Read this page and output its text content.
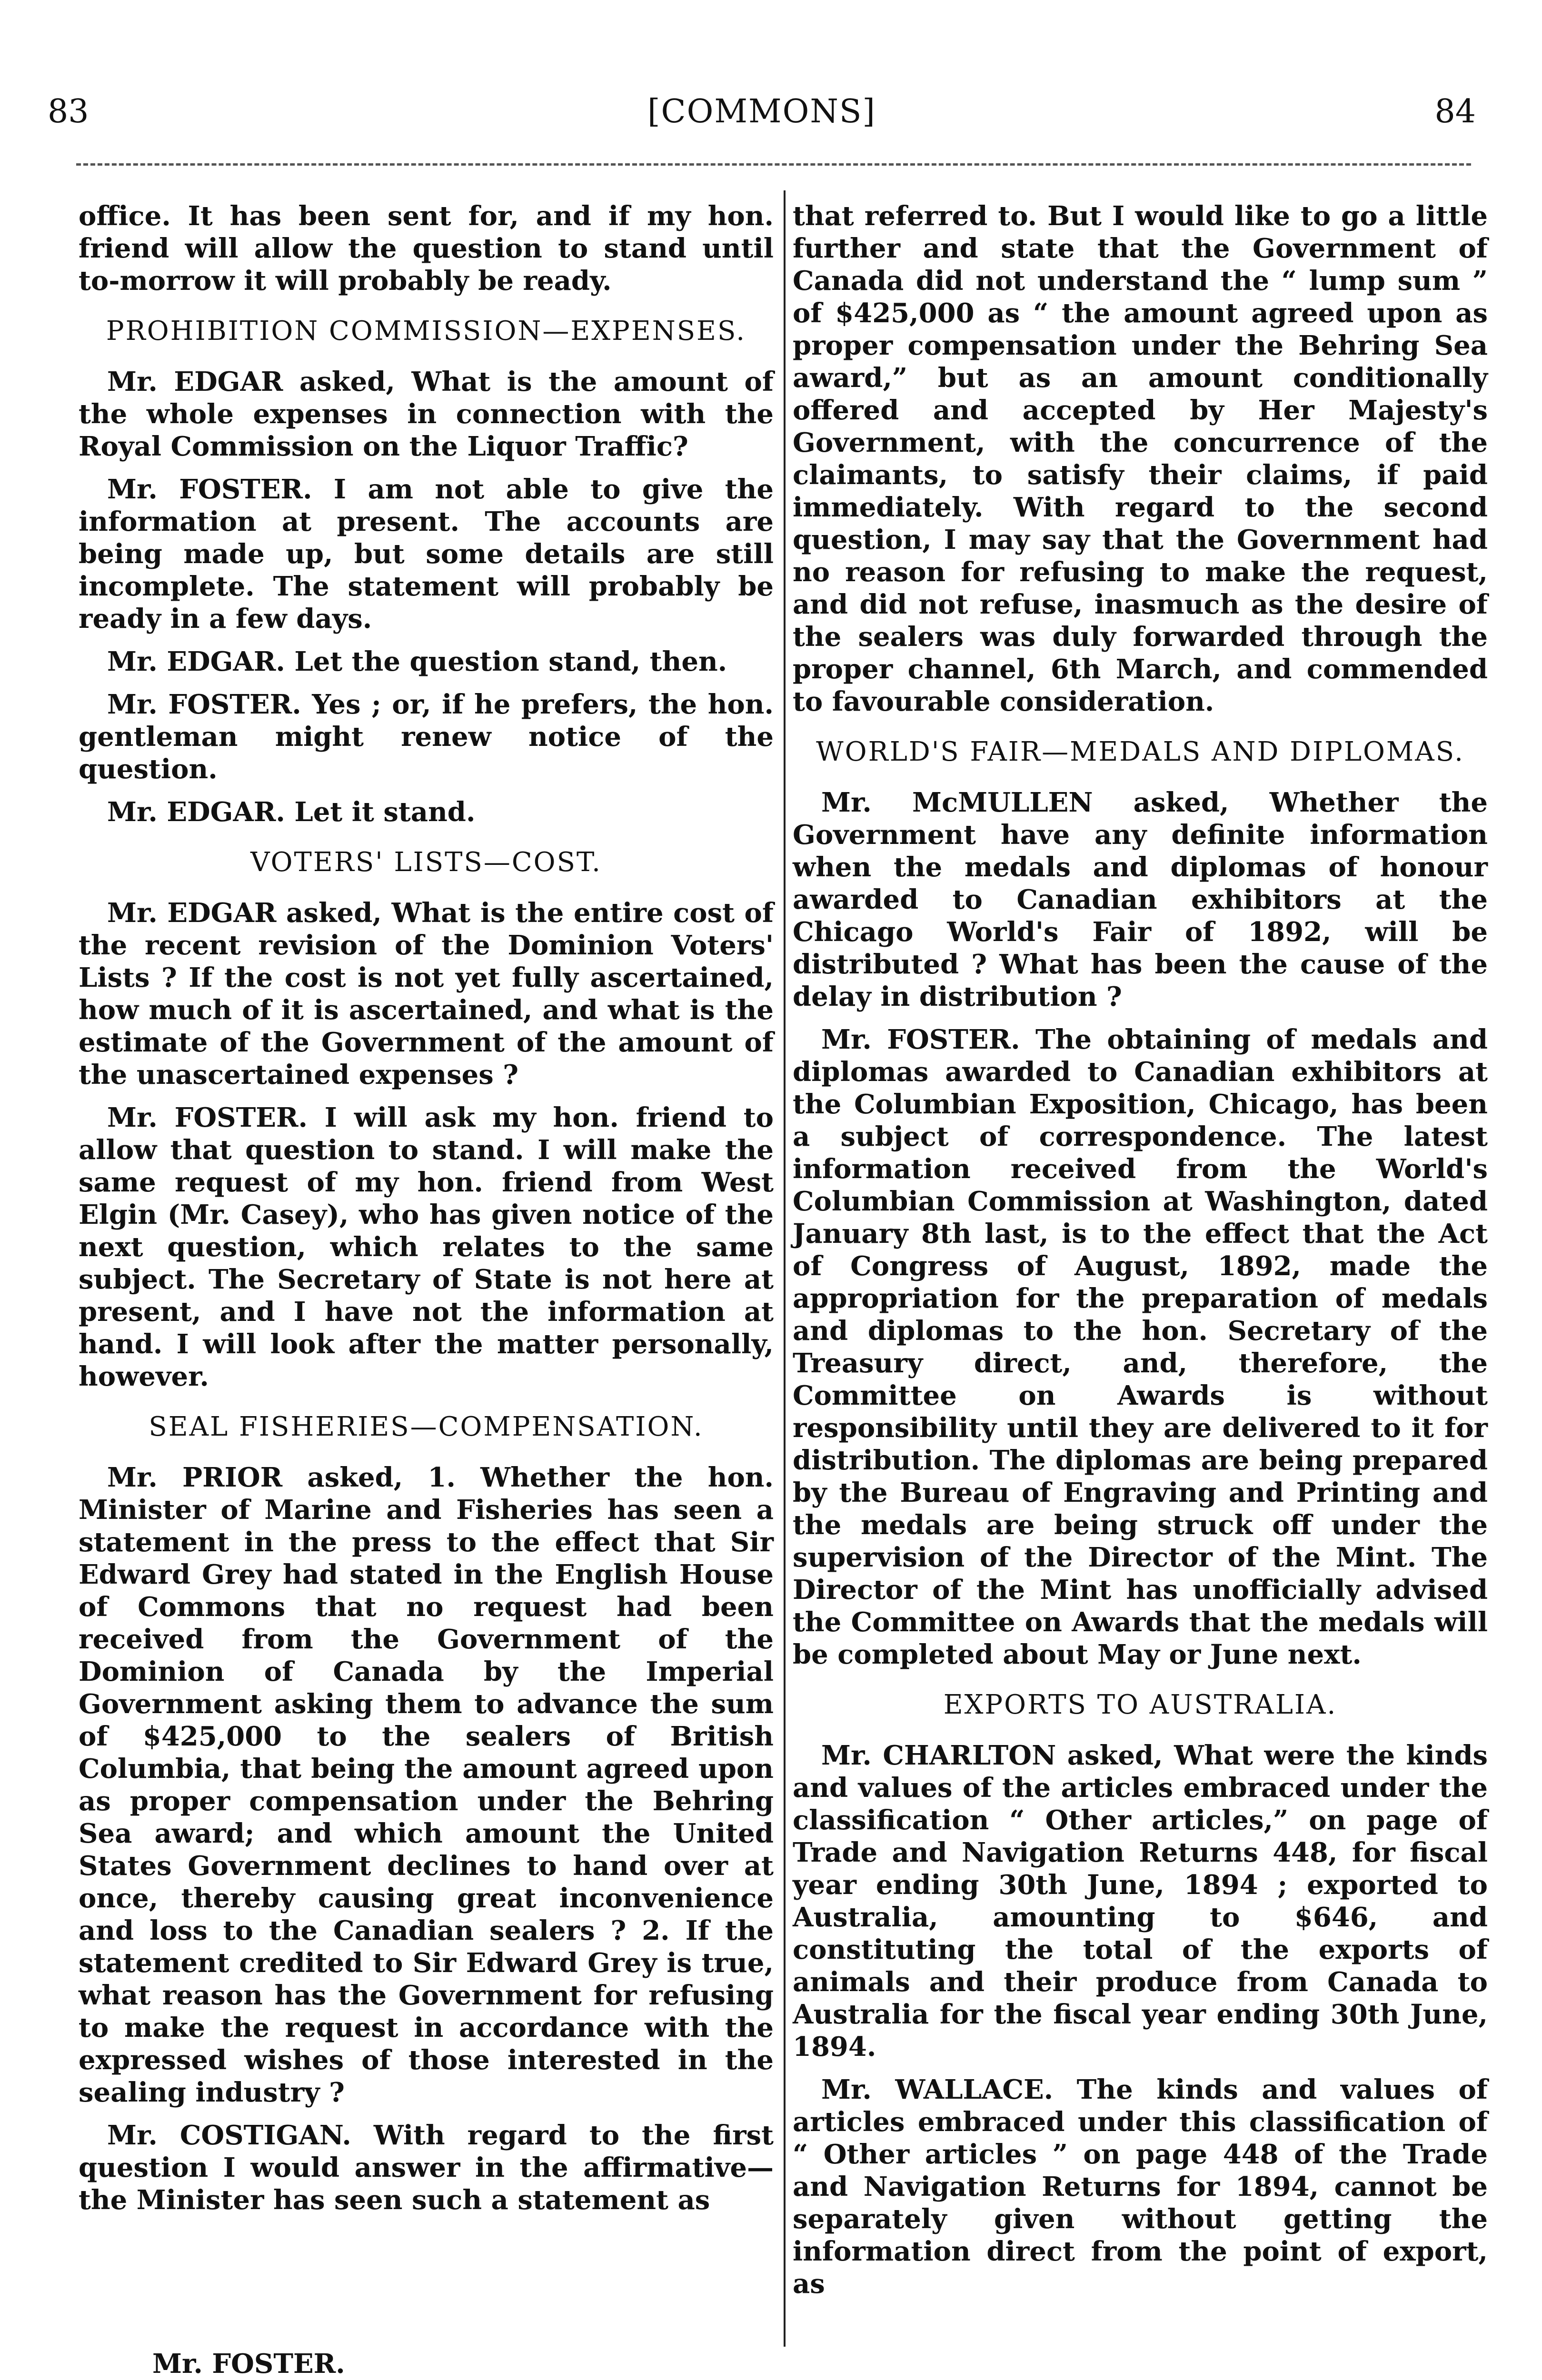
83	[COMMONS]	84

office. It has been sent for, and if my hon. friend will allow the question to stand until to-morrow it will probably be ready.

PROHIBITION COMMISSION—EXPENSES.

Mr. EDGAR asked, What is the amount of the whole expenses in connection with the Royal Commission on the Liquor Traffic?

Mr. FOSTER. I am not able to give the information at present. The accounts are being made up, but some details are still incomplete. The statement will probably be ready in a few days.

Mr. EDGAR. Let the question stand, then.

Mr. FOSTER. Yes ; or, if he prefers, the hon. gentleman might renew notice of the question.

Mr. EDGAR. Let it stand.

VOTERS' LISTS—COST.

Mr. EDGAR asked, What is the entire cost of the recent revision of the Dominion Voters' Lists ? If the cost is not yet fully ascertained, how much of it is ascertained, and what is the estimate of the Government of the amount of the unascertained expenses ?

Mr. FOSTER. I will ask my hon. friend to allow that question to stand. I will make the same request of my hon. friend from West Elgin (Mr. Casey), who has given notice of the next question, which relates to the same subject. The Secretary of State is not here at present, and I have not the information at hand. I will look after the matter personally, however.

SEAL FISHERIES—COMPENSATION.

Mr. PRIOR asked, 1. Whether the hon. Minister of Marine and Fisheries has seen a statement in the press to the effect that Sir Edward Grey had stated in the English House of Commons that no request had been received from the Government of the Dominion of Canada by the Imperial Government asking them to advance the sum of $425,000 to the sealers of British Columbia, that being the amount agreed upon as proper compensation under the Behring Sea award; and which amount the United States Government declines to hand over at once, thereby causing great inconvenience and loss to the Canadian sealers ? 2. If the statement credited to Sir Edward Grey is true, what reason has the Government for refusing to make the request in accordance with the expressed wishes of those interested in the sealing industry ?

Mr. COSTIGAN. With regard to the first question I would answer in the affirmative—the Minister has seen such a statement as

that referred to. But I would like to go a little further and state that the Government of Canada did not understand the “ lump sum ” of $425,000 as “ the amount agreed upon as proper compensation under the Behring Sea award,” but as an amount conditionally offered and accepted by Her Majesty's Government, with the concurrence of the claimants, to satisfy their claims, if paid immediately. With regard to the second question, I may say that the Government had no reason for refusing to make the request, and did not refuse, inasmuch as the desire of the sealers was duly forwarded through the proper channel, 6th March, and commended to favourable consideration.

WORLD'S FAIR—MEDALS AND DIPLOMAS.

Mr. McMULLEN asked, Whether the Government have any definite information when the medals and diplomas of honour awarded to Canadian exhibitors at the Chicago World's Fair of 1892, will be distributed ? What has been the cause of the delay in distribution ?

Mr. FOSTER. The obtaining of medals and diplomas awarded to Canadian exhibitors at the Columbian Exposition, Chicago, has been a subject of correspondence. The latest information received from the World's Columbian Commission at Washington, dated January 8th last, is to the effect that the Act of Congress of August, 1892, made the appropriation for the preparation of medals and diplomas to the hon. Secretary of the Treasury direct, and, therefore, the Committee on Awards is without responsibility until they are delivered to it for distribution. The diplomas are being prepared by the Bureau of Engraving and Printing and the medals are being struck off under the supervision of the Director of the Mint. The Director of the Mint has unofficially advised the Committee on Awards that the medals will be completed about May or June next.

EXPORTS TO AUSTRALIA.

Mr. CHARLTON asked, What were the kinds and values of the articles embraced under the classification “ Other articles,” on page of Trade and Navigation Returns 448, for fiscal year ending 30th June, 1894 ; exported to Australia, amounting to $646, and constituting the total of the exports of animals and their produce from Canada to Australia for the fiscal year ending 30th June, 1894.

Mr. WALLACE. The kinds and values of articles embraced under this classification of “ Other articles ” on page 448 of the Trade and Navigation Returns for 1894, cannot be separately given without getting the information direct from the point of export, as

Mr. FOSTER.
